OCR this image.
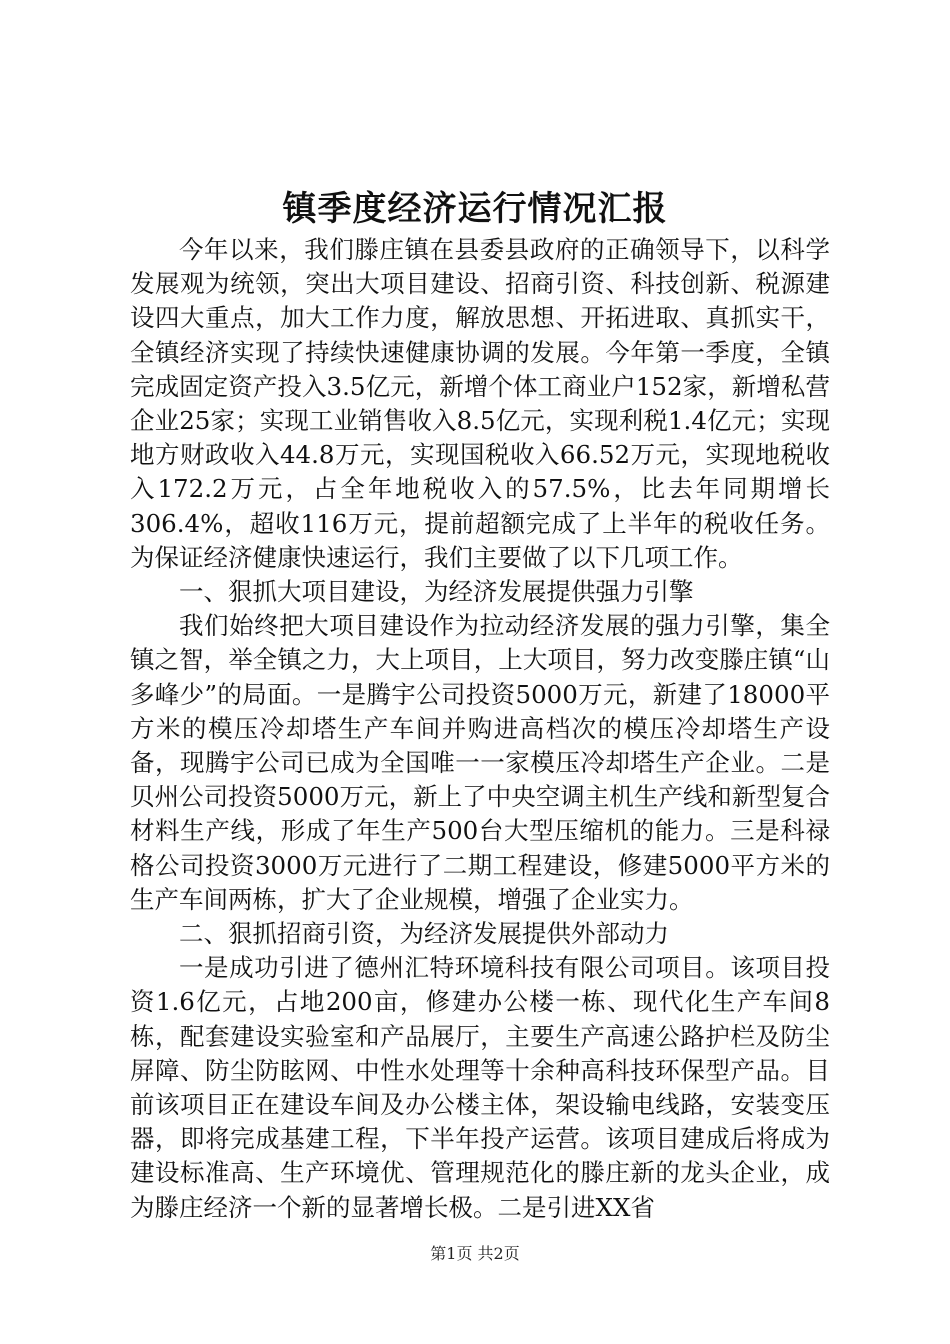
镇季度经济运行情况汇报

今年以来，我们滕庄镇在县委县政府的正确领导下，以科学发展观为统领，突出大项目建设、招商引资、科技创新、税源建设四大重点，加大工作力度，解放思想、开拓进取、真抓实干，全镇经济实现了持续快速健康协调的发展。今年第一季度，全镇完成固定资产投入3.5亿元，新增个体工商业户152家，新增私营企业25家；实现工业销售收入8.5亿元，实现利税1.4亿元；实现地方财政收入44.8万元，实现国税收入66.52万元，实现地税收入172.2万元，占全年地税收入的57.5%，比去年同期增长306.4%，超收116万元，提前超额完成了上半年的税收任务。为保证经济健康快速运行，我们主要做了以下几项工作。

一、狠抓大项目建设，为经济发展提供强力引擎

我们始终把大项目建设作为拉动经济发展的强力引擎，集全镇之智，举全镇之力，大上项目，上大项目，努力改变滕庄镇“山多峰少”的局面。一是腾宇公司投资5000万元，新建了18000平方米的模压冷却塔生产车间并购进高档次的模压冷却塔生产设备，现腾宇公司已成为全国唯一一家模压冷却塔生产企业。二是贝州公司投资5000万元，新上了中央空调主机生产线和新型复合材料生产线，形成了年生产500台大型压缩机的能力。三是科禄格公司投资3000万元进行了二期工程建设，修建5000平方米的生产车间两栋，扩大了企业规模，增强了企业实力。

二、狠抓招商引资，为经济发展提供外部动力

一是成功引进了德州汇特环境科技有限公司项目。该项目投资1.6亿元，占地200亩，修建办公楼一栋、现代化生产车间8栋，配套建设实验室和产品展厅，主要生产高速公路护栏及防尘屏障、防尘防眩网、中性水处理等十余种高科技环保型产品。目前该项目正在建设车间及办公楼主体，架设输电线路，安装变压器，即将完成基建工程，下半年投产运营。该项目建成后将成为建设标准高、生产环境优、管理规范化的滕庄新的龙头企业，成为滕庄经济一个新的显著增长极。二是引进XX省

第1页 共2页
